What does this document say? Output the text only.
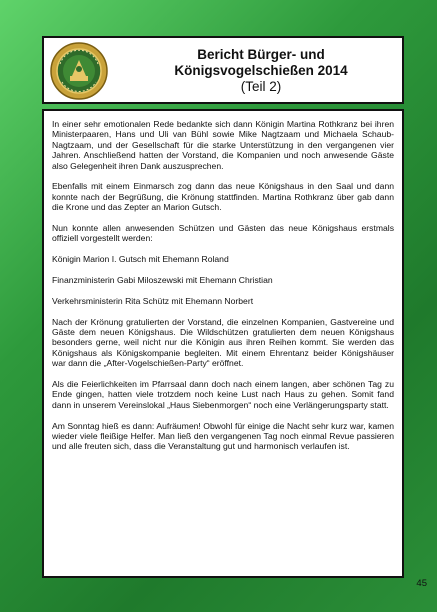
Bericht Bürger- und
Königsvogelschießen 2014
(Teil 2)

In einer sehr emotionalen Rede bedankte sich dann Königin Martina Rothkranz bei ihren Ministerpaaren, Hans und Uli van Bühl sowie Mike Nagtzaam und Michaela Schaub-Nagtzaam, und der Gesellschaft für die starke Unterstützung in den vergangenen vier Jahren. Anschließend hatten der Vorstand, die Kompanien und noch anwesende Gäste also Gelegenheit ihren Dank auszusprechen.

Ebenfalls mit einem Einmarsch zog dann das neue Königshaus in den Saal und dann konnte nach der Begrüßung, die Krönung stattfinden. Martina Rothkranz über gab dann die Krone und das Zepter an Marion Gutsch.

Nun konnte allen anwesenden Schützen und Gästen das neue Königshaus erstmals offiziell vorgestellt werden:

Königin Marion I. Gutsch mit Ehemann Roland

Finanzministerin Gabi Miloszewski mit Ehemann Christian

Verkehrsministerin Rita Schütz mit Ehemann Norbert

Nach der Krönung gratulierten der Vorstand, die einzelnen Kompanien, Gastvereine und Gäste dem neuen Königshaus. Die Wildschützen gratulierten dem neuen Königshaus besonders gerne, weil nicht nur die Königin aus ihren Reihen kommt. Sie werden das Königshaus als Königskompanie begleiten. Mit einem Ehrentanz beider Königshäuser war dann die „After-Vogelschießen-Party“ eröffnet.

Als die Feierlichkeiten im Pfarrsaal dann doch nach einem langen, aber schönen Tag zu Ende gingen, hatten viele trotzdem noch keine Lust nach Haus zu gehen. Somit fand dann in unserem Vereinslokal „Haus Siebenmorgen“ noch eine Verlängerungsparty statt.

Am Sonntag hieß es dann: Aufräumen! Obwohl für einige die Nacht sehr kurz war, kamen wieder viele fleißige Helfer. Man ließ den vergangenen Tag noch einmal Revue passieren und alle freuten sich, dass die Veranstaltung gut und harmonisch verlaufen ist.

45
